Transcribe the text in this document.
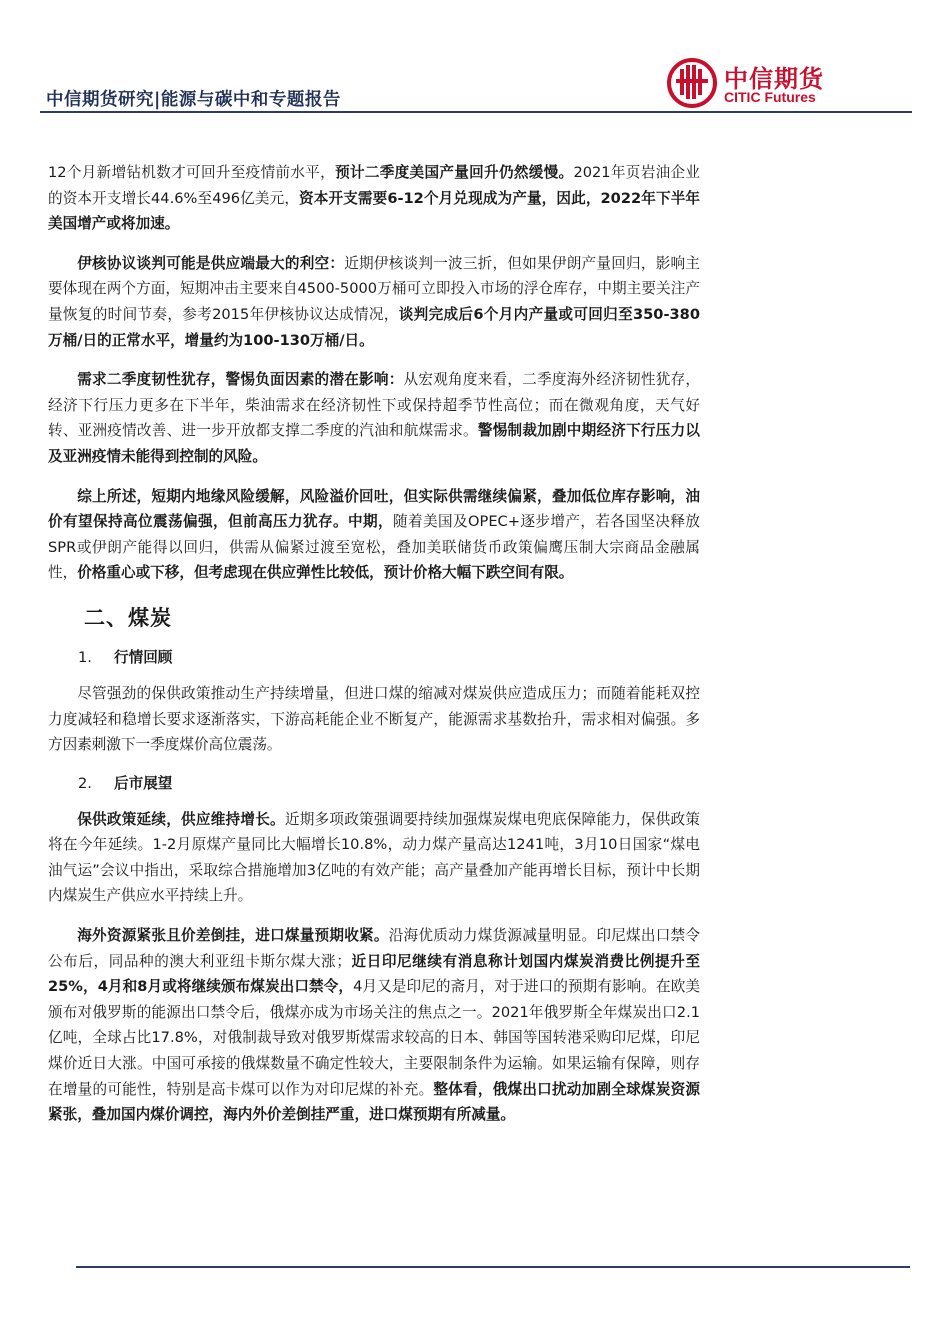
中信期货研究|能源与碳中和专题报告
中信期货
CITIC Futures

12个月新增钻机数才可回升至疫情前水平，预计二季度美国产量回升仍然缓慢。2021年页岩油企业的资本开支增长44.6%至496亿美元，资本开支需要6-12个月兑现成为产量，因此，2022年下半年美国增产或将加速。

伊核协议谈判可能是供应端最大的利空：近期伊核谈判一波三折，但如果伊朗产量回归，影响主要体现在两个方面，短期冲击主要来自4500-5000万桶可立即投入市场的浮仓库存，中期主要关注产量恢复的时间节奏，参考2015年伊核协议达成情况，谈判完成后6个月内产量或可回归至350-380万桶/日的正常水平，增量约为100-130万桶/日。

需求二季度韧性犹存，警惕负面因素的潜在影响：从宏观角度来看，二季度海外经济韧性犹存，经济下行压力更多在下半年，柴油需求在经济韧性下或保持超季节性高位；而在微观角度，天气好转、亚洲疫情改善、进一步开放都支撑二季度的汽油和航煤需求。警惕制裁加剧中期经济下行压力以及亚洲疫情未能得到控制的风险。

综上所述，短期内地缘风险缓解，风险溢价回吐，但实际供需继续偏紧，叠加低位库存影响，油价有望保持高位震荡偏强，但前高压力犹存。中期，随着美国及OPEC+逐步增产，若各国坚决释放SPR或伊朗产能得以回归，供需从偏紧过渡至宽松，叠加美联储货币政策偏鹰压制大宗商品金融属性，价格重心或下移，但考虑现在供应弹性比较低，预计价格大幅下跌空间有限。

二、煤炭
1. 行情回顾

尽管强劲的保供政策推动生产持续增量，但进口煤的缩减对煤炭供应造成压力；而随着能耗双控力度减轻和稳增长要求逐渐落实，下游高耗能企业不断复产，能源需求基数抬升，需求相对偏强。多方因素刺激下一季度煤价高位震荡。

2. 后市展望

保供政策延续，供应维持增长。近期多项政策强调要持续加强煤炭煤电兜底保障能力，保供政策将在今年延续。1-2月原煤产量同比大幅增长10.8%，动力煤产量高达1241吨，3月10日国家“煤电油气运”会议中指出，采取综合措施增加3亿吨的有效产能；高产量叠加产能再增长目标，预计中长期内煤炭生产供应水平持续上升。

海外资源紧张且价差倒挂，进口煤量预期收紧。沿海优质动力煤货源减量明显。印尼煤出口禁令公布后，同品种的澳大利亚纽卡斯尔煤大涨；近日印尼继续有消息称计划国内煤炭消费比例提升至25%，4月和8月或将继续颁布煤炭出口禁令，4月又是印尼的斋月，对于进口的预期有影响。在欧美颁布对俄罗斯的能源出口禁令后，俄煤亦成为市场关注的焦点之一。2021年俄罗斯全年煤炭出口2.1亿吨，全球占比17.8%，对俄制裁导致对俄罗斯煤需求较高的日本、韩国等国转港采购印尼煤，印尼煤价近日大涨。中国可承接的俄煤数量不确定性较大，主要限制条件为运输。如果运输有保障，则存在增量的可能性，特别是高卡煤可以作为对印尼煤的补充。整体看，俄煤出口扰动加剧全球煤炭资源紧张，叠加国内煤价调控，海内外价差倒挂严重，进口煤预期有所减量。
